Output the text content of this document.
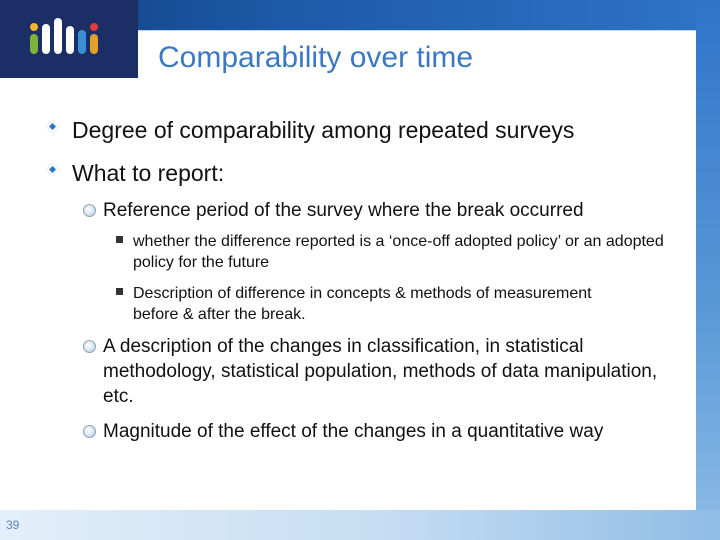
Comparability over time
Degree of comparability among repeated surveys
What to report:
Reference period of the survey where the break occurred
whether the difference reported is a ‘once-off adopted policy’ or an adopted policy for the future
Description of difference in concepts & methods of measurement before & after the break.
A description of the changes in classification, in statistical methodology, statistical population, methods of data manipulation, etc.
Magnitude of the effect of the changes in a quantitative way
39
